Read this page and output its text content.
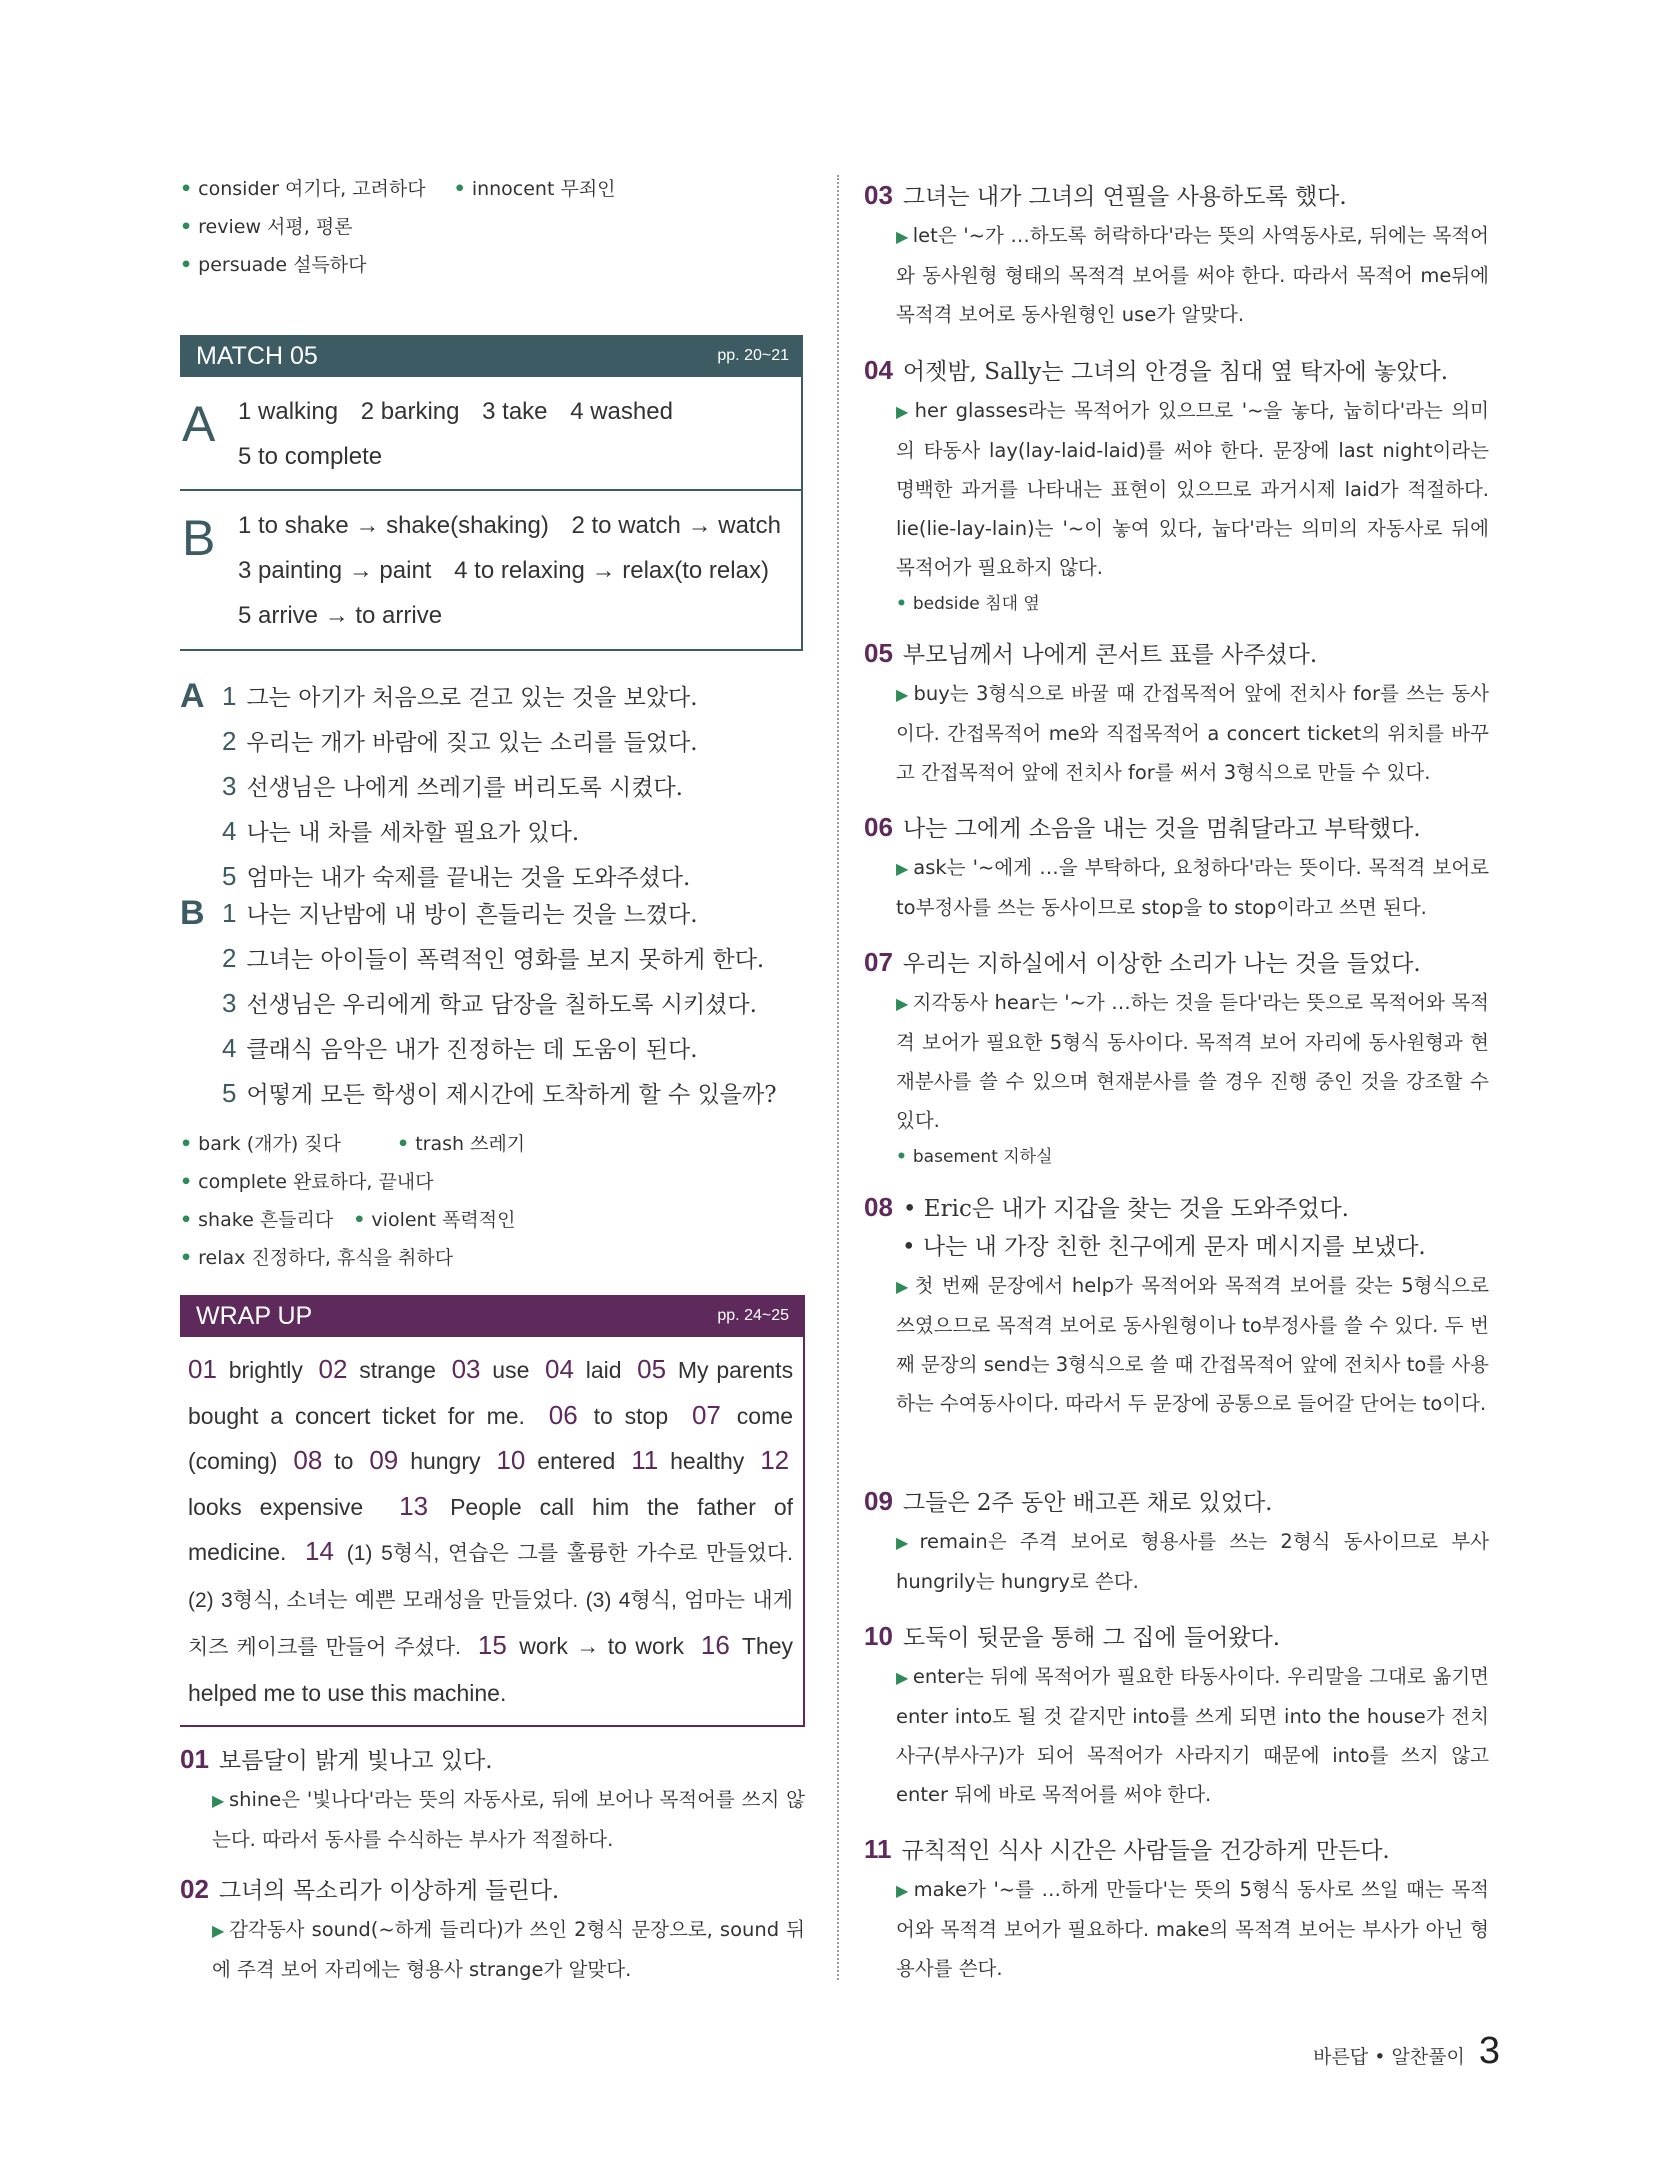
• consider 여기다, 고려하다 • innocent 무죄인 • review 서평, 평론
• persuade 설득하다
MATCH 05	pp. 20~21
A 1 walking 2 barking 3 take 4 washed
5 to complete
B 1 to shake → shake(shaking) 2 to watch → watch
3 painting → paint 4 to relaxing → relax(to relax)
5 arrive → to arrive
A 1 그는 아기가 처음으로 걷고 있는 것을 보았다.
2 우리는 개가 바람에 짖고 있는 소리를 들었다.
3 선생님은 나에게 쓰레기를 버리도록 시켰다.
4 나는 내 차를 세차할 필요가 있다.
5 엄마는 내가 숙제를 끝내는 것을 도와주셨다.
B 1 나는 지난밤에 내 방이 흔들리는 것을 느꼈다.
2 그녀는 아이들이 폭력적인 영화를 보지 못하게 한다.
3 선생님은 우리에게 학교 담장을 칠하도록 시키셨다.
4 클래식 음악은 내가 진정하는 데 도움이 된다.
5 어떻게 모든 학생이 제시간에 도착하게 할 수 있을까?
• bark (개가) 짖다	• trash 쓰레기 • complete 완료하다, 끝내다
• shake 흔들리다 • violent 폭력적인 • relax 진정하다, 휴식을 취하다
WRAP UP	pp. 24~25
01 brightly 02 strange 03 use 04 laid 05 My parents bought a concert ticket for me. 06 to stop 07 come (coming) 08 to 09 hungry 10 entered 11 healthy 12 looks expensive 13 People call him the father of medicine. 14 (1) 5형식, 연습은 그를 훌륭한 가수로 만들었다. (2) 3형식, 소녀는 예쁜 모래성을 만들었다. (3) 4형식, 엄마는 내게 치즈 케이크를 만들어 주셨다. 15 work → to work 16 They helped me to use this machine.
01 보름달이 밝게 빛나고 있다.
▶ shine은 '빛나다'라는 뜻의 자동사로, 뒤에 보어나 목적어를 쓰지 않는다. 따라서 동사를 수식하는 부사가 적절하다.
02 그녀의 목소리가 이상하게 들린다.
▶ 감각동사 sound(~하게 들리다)가 쓰인 2형식 문장으로, sound 뒤에 주격 보어 자리에는 형용사 strange가 알맞다.
03 그녀는 내가 그녀의 연필을 사용하도록 했다.
▶ let은 '~가 …하도록 허락하다'라는 뜻의 사역동사로, 뒤에는 목적어와 동사원형 형태의 목적격 보어를 써야 한다. 따라서 목적어 me뒤에 목적격 보어로 동사원형인 use가 알맞다.
04 어젯밤, Sally는 그녀의 안경을 침대 옆 탁자에 놓았다.
▶ her glasses라는 목적어가 있으므로 '~을 놓다, 눕히다'라는 의미의 타동사 lay(lay-laid-laid)를 써야 한다. 문장에 last night이라는 명백한 과거를 나타내는 표현이 있으므로 과거시제 laid가 적절하다. lie(lie-lay-lain)는 '~이 놓여 있다, 눕다'라는 의미의 자동사로 뒤에 목적어가 필요하지 않다.
• bedside 침대 옆
05 부모님께서 나에게 콘서트 표를 사주셨다.
▶ buy는 3형식으로 바꿀 때 간접목적어 앞에 전치사 for를 쓰는 동사이다. 간접목적어 me와 직접목적어 a concert ticket의 위치를 바꾸고 간접목적어 앞에 전치사 for를 써서 3형식으로 만들 수 있다.
06 나는 그에게 소음을 내는 것을 멈춰달라고 부탁했다.
▶ ask는 '~에게 …을 부탁하다, 요청하다'라는 뜻이다. 목적격 보어로 to부정사를 쓰는 동사이므로 stop을 to stop이라고 쓰면 된다.
07 우리는 지하실에서 이상한 소리가 나는 것을 들었다.
▶ 지각동사 hear는 '~가 …하는 것을 듣다'라는 뜻으로 목적어와 목적격 보어가 필요한 5형식 동사이다. 목적격 보어 자리에 동사원형과 현재분사를 쓸 수 있으며 현재분사를 쓸 경우 진행 중인 것을 강조할 수 있다.
• basement 지하실
08 • Eric은 내가 지갑을 찾는 것을 도와주었다.
• 나는 내 가장 친한 친구에게 문자 메시지를 보냈다.
▶ 첫 번째 문장에서 help가 목적어와 목적격 보어를 갖는 5형식으로 쓰였으므로 목적격 보어로 동사원형이나 to부정사를 쓸 수 있다. 두 번째 문장의 send는 3형식으로 쓸 때 간접목적어 앞에 전치사 to를 사용하는 수여동사이다. 따라서 두 문장에 공통으로 들어갈 단어는 to이다.
09 그들은 2주 동안 배고픈 채로 있었다.
▶ remain은 주격 보어로 형용사를 쓰는 2형식 동사이므로 부사 hungrily는 hungry로 쓴다.
10 도둑이 뒷문을 통해 그 집에 들어왔다.
▶ enter는 뒤에 목적어가 필요한 타동사이다. 우리말을 그대로 옮기면 enter into도 될 것 같지만 into를 쓰게 되면 into the house가 전치사구(부사구)가 되어 목적어가 사라지기 때문에 into를 쓰지 않고 enter 뒤에 바로 목적어를 써야 한다.
11 규칙적인 식사 시간은 사람들을 건강하게 만든다.
▶ make가 '~를 …하게 만들다'는 뜻의 5형식 동사로 쓰일 때는 목적어와 목적격 보어가 필요하다. make의 목적격 보어는 부사가 아닌 형용사를 쓴다.
바른답 • 알찬풀이 3
